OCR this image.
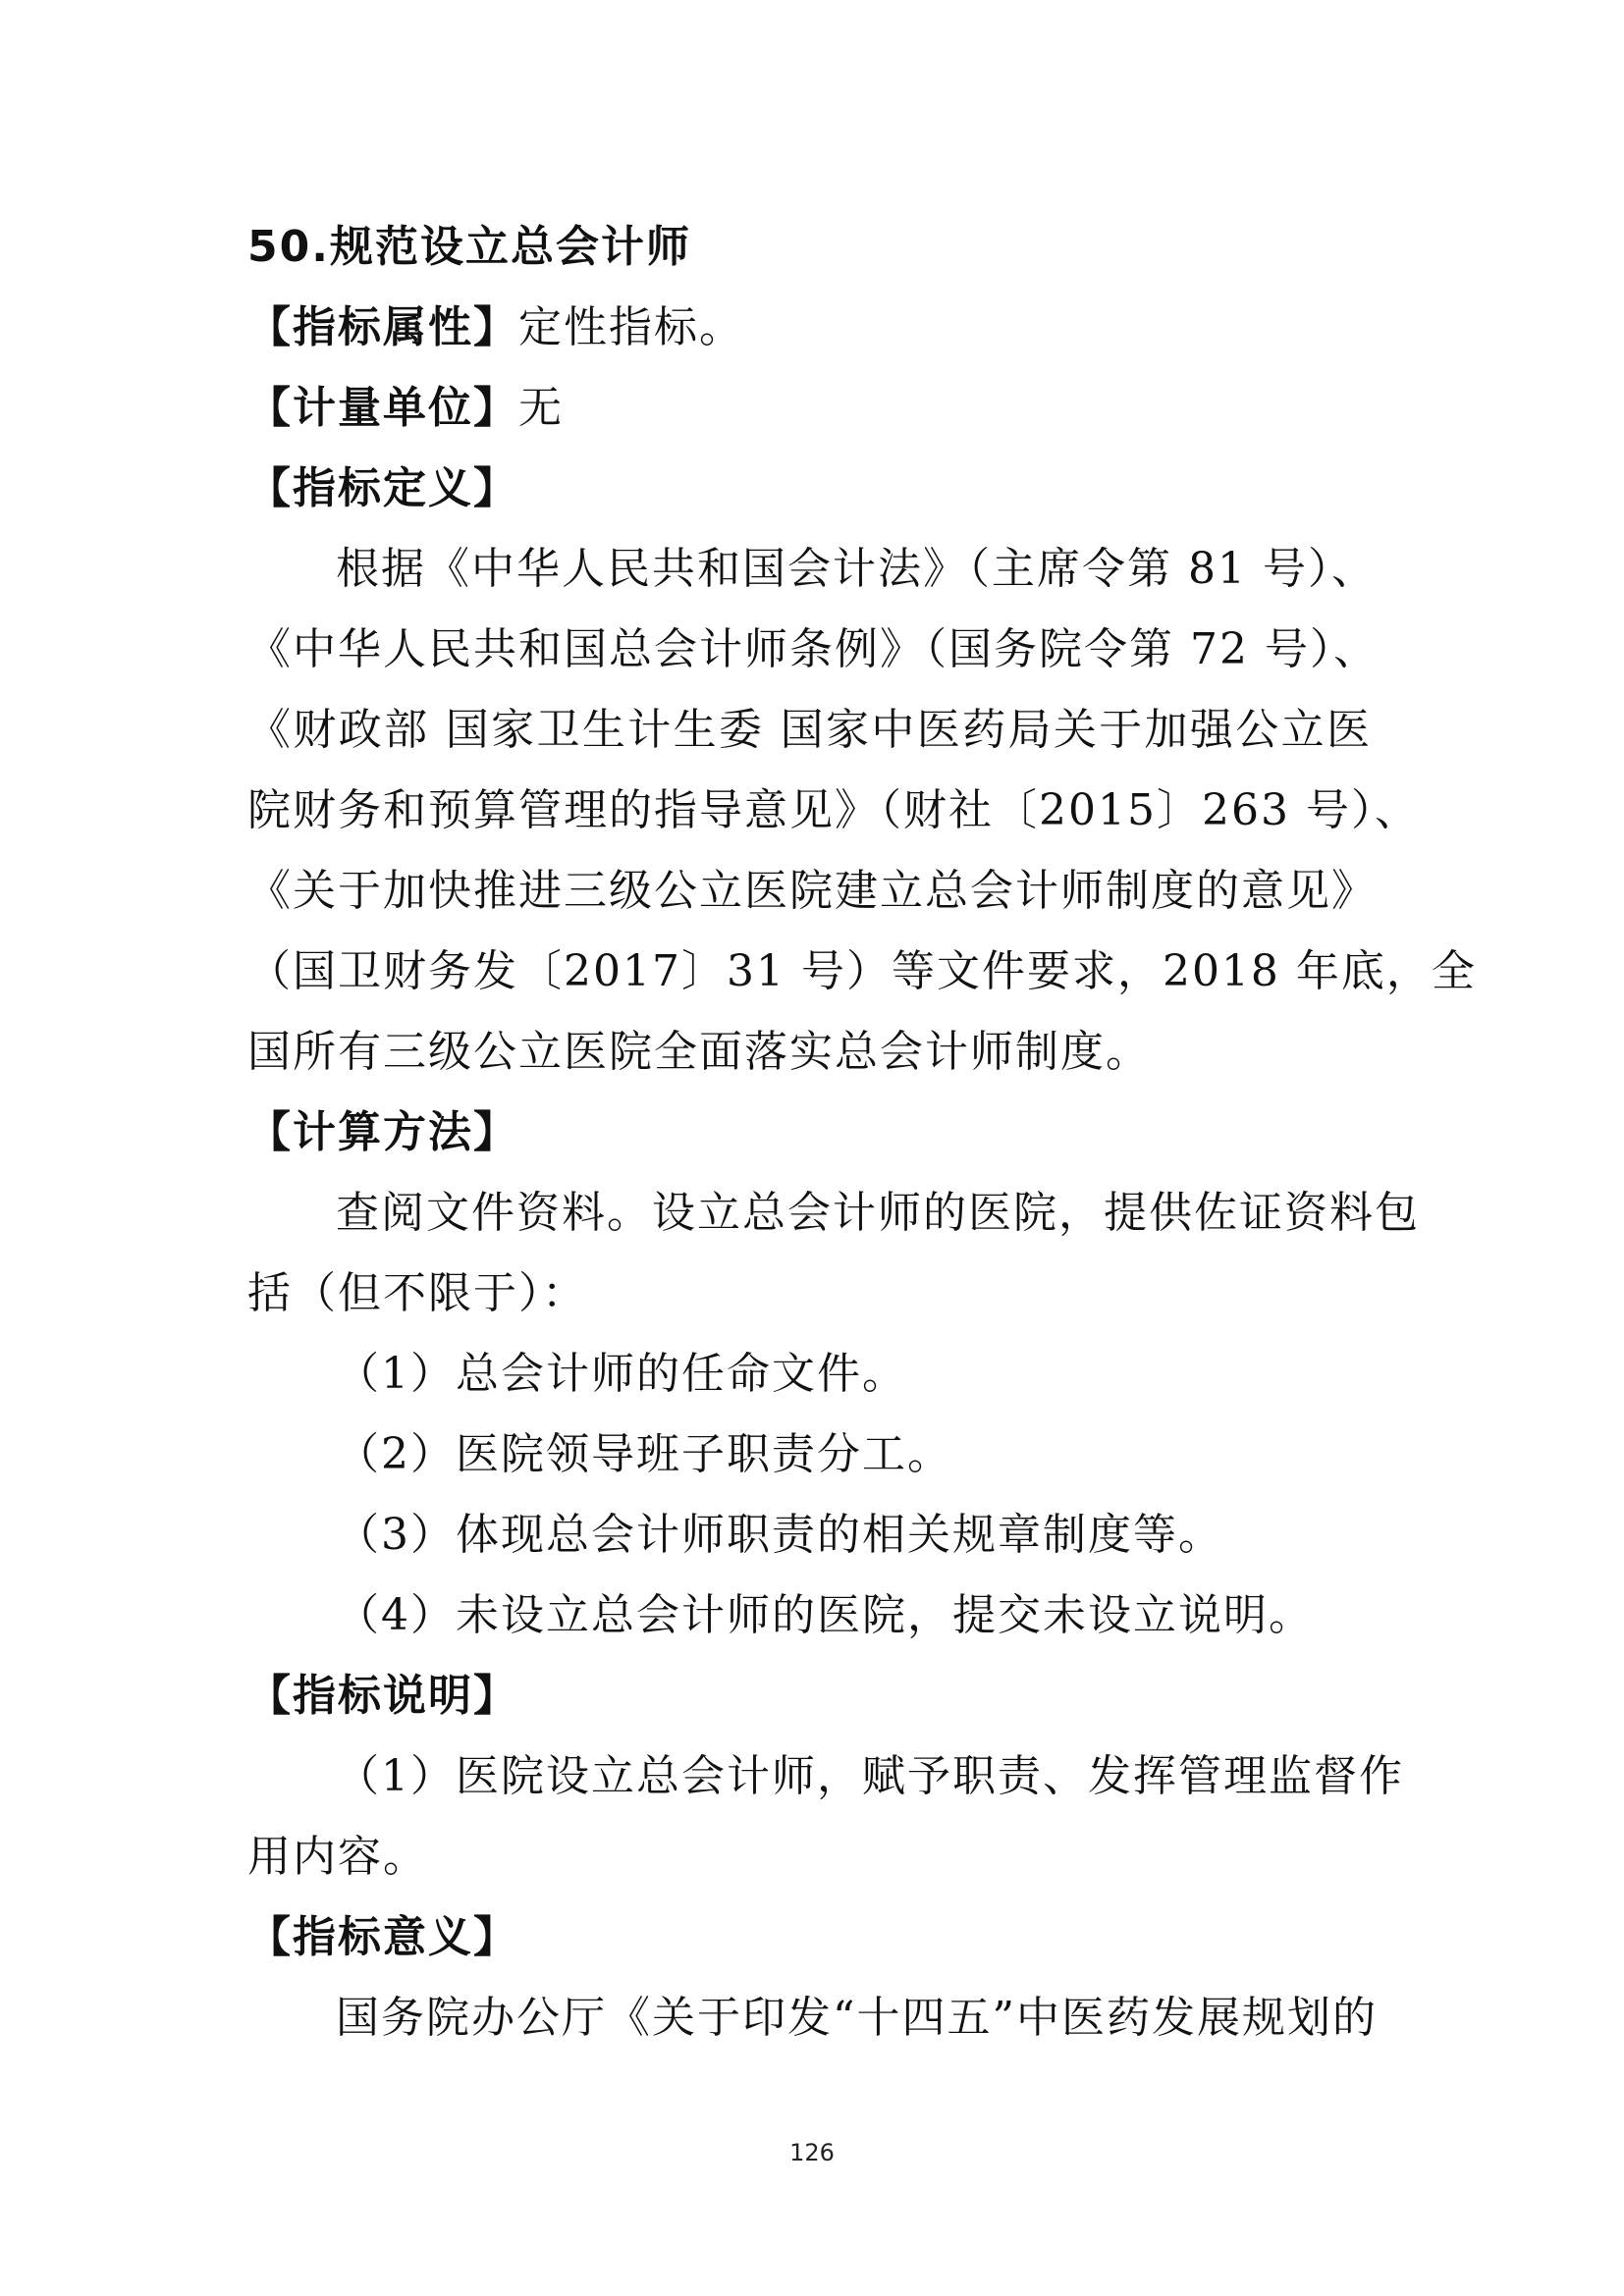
50.规范设立总会计师
【指标属性】定性指标。
【计量单位】无
【指标定义】
根据《中华人民共和国会计法》（主席令第 81 号）、
《中华人民共和国总会计师条例》（国务院令第 72 号）、
《财政部 国家卫生计生委 国家中医药局关于加强公立医
院财务和预算管理的指导意见》（财社〔2015〕263 号）、
《关于加快推进三级公立医院建立总会计师制度的意见》
（国卫财务发〔2017〕31 号）等文件要求，2018 年底，全
国所有三级公立医院全面落实总会计师制度。
【计算方法】
查阅文件资料。设立总会计师的医院，提供佐证资料包
括（但不限于）：
（1）总会计师的任命文件。
（2）医院领导班子职责分工。
（3）体现总会计师职责的相关规章制度等。
（4）未设立总会计师的医院，提交未设立说明。
【指标说明】
（1）医院设立总会计师，赋予职责、发挥管理监督作
用内容。
【指标意义】
国务院办公厅《关于印发“十四五”中医药发展规划的
126
